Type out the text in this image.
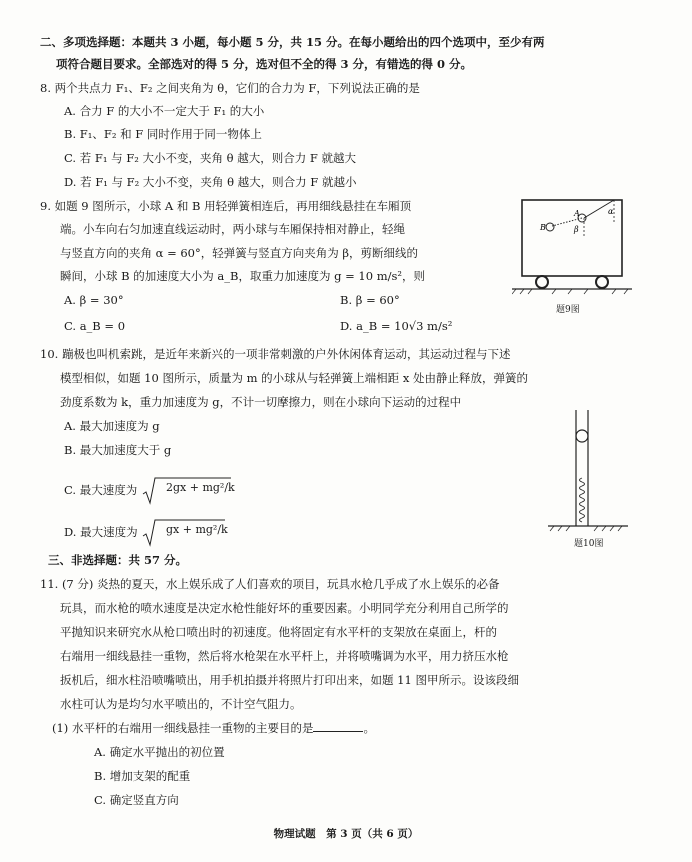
二、多项选择题：本题共 3 小题，每小题 5 分，共 15 分。在每小题给出的四个选项中，至少有两
项符合题目要求。全部选对的得 5 分，选对但不全的得 3 分，有错选的得 0 分。
8. 两个共点力 F₁、F₂ 之间夹角为 θ，它们的合力为 F，下列说法正确的是
A. 合力 F 的大小不一定大于 F₁ 的大小
B. F₁、F₂ 和 F 同时作用于同一物体上
C. 若 F₁ 与 F₂ 大小不变，夹角 θ 越大，则合力 F 就越大
D. 若 F₁ 与 F₂ 大小不变，夹角 θ 越大，则合力 F 就越小
9. 如题 9 图所示，小球 A 和 B 用轻弹簧相连后，再用细线悬挂在车厢顶
端。小车向右匀加速直线运动时，两小球与车厢保持相对静止，轻绳
与竖直方向的夹角 α = 60°，轻弹簧与竖直方向夹角为 β，剪断细线的
瞬间，小球 B 的加速度大小为 a_B，取重力加速度为 g = 10 m/s²，则
A. β = 30°	B. β = 60°
C. a_B = 0	D. a_B = 10√3 m/s²
A
B
α
β
题9图
10. 蹦极也叫机索跳，是近年来新兴的一项非常刺激的户外休闲体育运动，其运动过程与下述
模型相似，如题 10 图所示，质量为 m 的小球从与轻弹簧上端相距 x 处由静止释放，弹簧的
劲度系数为 k，重力加速度为 g，不计一切摩擦力，则在小球向下运动的过程中
A. 最大加速度为 g
B. 最大加速度大于 g
C. 最大速度为	2gx + mg²/k
D. 最大速度为	gx + mg²/k
题10图
三、非选择题：共 57 分。
11. (7 分) 炎热的夏天，水上娱乐成了人们喜欢的项目，玩具水枪几乎成了水上娱乐的必备
玩具，而水枪的喷水速度是决定水枪性能好坏的重要因素。小明同学充分利用自己所学的
平抛知识来研究水从枪口喷出时的初速度。他将固定有水平杆的支架放在桌面上，杆的
右端用一细线悬挂一重物，然后将水枪架在水平杆上，并将喷嘴调为水平，用力挤压水枪
扳机后，细水柱沿喷嘴喷出，用手机拍摄并将照片打印出来，如题 11 图甲所示。设该段细
水柱可认为是均匀水平喷出的，不计空气阻力。
(1) 水平杆的右端用一细线悬挂一重物的主要目的是	。
A. 确定水平抛出的初位置
B. 增加支架的配重
C. 确定竖直方向
物理试题　第 3 页（共 6 页）
